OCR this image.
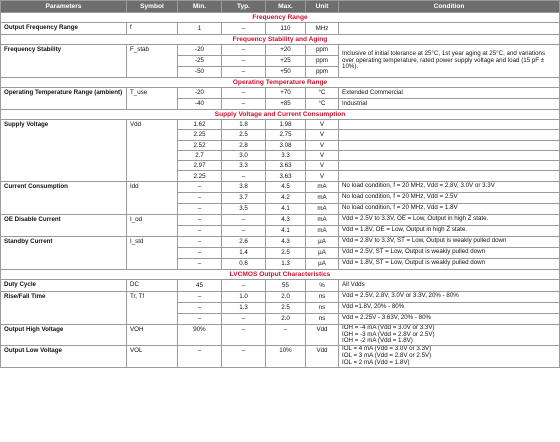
Parameters	Symbol	Min.	Typ.	Max.	Unit	Condition
Frequency Range						
Output Frequency Range	f	1	–	110	MHz	
Frequency Stability and Aging						
Frequency Stability	F_stab	-20	–	+20	ppm	Inclusive of initial tolerance at 25°C, 1st year aging at 25°C, and variations over operating temperature, rated power supply voltage and load (15 pF ± 10%).
		-25	–	+25	ppm	
		-50	–	+50	ppm	
Operating Temperature Range						
Operating Temperature Range (ambient)	T_use	-20	–	+70	°C	Extended Commercial
		-40	–	+85	°C	Industrial
Supply Voltage and Current Consumption						
Supply Voltage	Vdd	1.62	1.8	1.98	V	
		2.25	2.5	2.75	V	
		2.52	2.8	3.08	V	
		2.7	3.0	3.3	V	
		2.97	3.3	3.63	V	
		2.25	–	3.63	V	
Current Consumption	Idd	–	3.8	4.5	mA	No load condition, f = 20 MHz, Vdd = 2.8V, 3.0V or 3.3V
		–	3.7	4.2	mA	No load condition, f = 20 MHz, Vdd = 2.5V
		–	3.5	4.1	mA	No load condition, f = 20 MHz, Vdd = 1.8V
OE Disable Current	I_od	–	–	4.3	mA	Vdd = 2.5V to 3.3V, OE = Low, Output in high Z state.
		–	–	4.1	mA	Vdd = 1.8V, OE = Low, Output in high Z state.
Standby Current	I_std	–	2.6	4.3	µA	Vdd = 2.8V to 3.3V, ST = Low, Output is weakly pulled down
		–	1.4	2.5	µA	Vdd = 2.5V, ST = Low, Output is weakly pulled down
		–	0.6	1.3	µA	Vdd = 1.8V, ST = Low, Output is weakly pulled down
LVCMOS Output Characteristics						
Duty Cycle	DC	45	–	55	%	All Vdds
Rise/Fall Time	Tr, Tf	–	1.0	2.0	ns	Vdd = 2.5V, 2.8V, 3.0V or 3.3V, 20% - 80%
		–	1.3	2.5	ns	Vdd =1.8V, 20% - 80%
		–	–	2.0	ns	Vdd = 2.25V - 3.63V, 20% - 80%
Output High Voltage	VOH	90%	–	–	Vdd	IOH = -4 mA (Vdd = 3.0V or 3.3V)
IOH = -3 mA (Vdd = 2.8V or 2.5V)
IOH = -2 mA (Vdd = 1.8V)

Output Low Voltage	VOL	–	–	10%	Vdd	IOL = 4 mA (Vdd = 3.0V or 3.3V)
IOL = 3 mA (Vdd = 2.8V or 2.5V)
IOL = 2 mA (Vdd = 1.8V)
